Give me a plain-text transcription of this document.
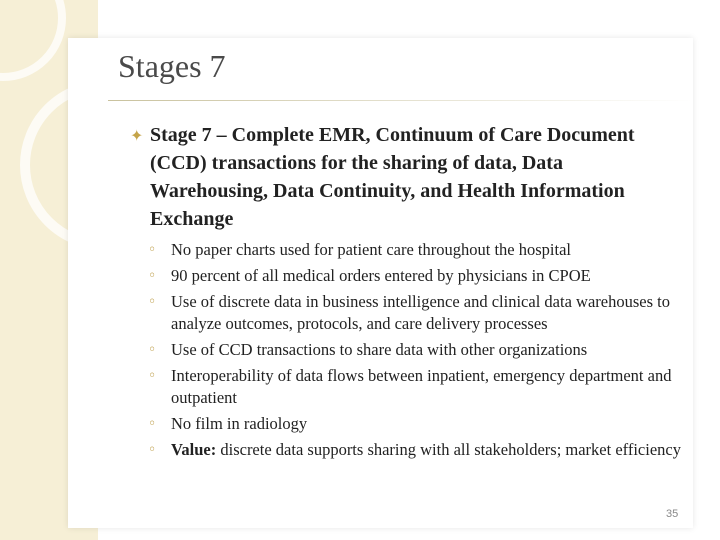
Stages 7
✦ Stage 7 – Complete EMR, Continuum of Care Document (CCD) transactions for the sharing of data, Data Warehousing, Data Continuity, and Health Information Exchange
◦ No paper charts used for patient care throughout the hospital
◦ 90 percent of all medical orders entered by physicians in CPOE
◦ Use of discrete data in business intelligence and clinical data warehouses to analyze outcomes, protocols, and care delivery processes
◦ Use of CCD transactions to share data with other organizations
◦ Interoperability of data flows between inpatient, emergency department and outpatient
◦ No film in radiology
◦ Value: discrete data supports sharing with all stakeholders; market efficiency
35
